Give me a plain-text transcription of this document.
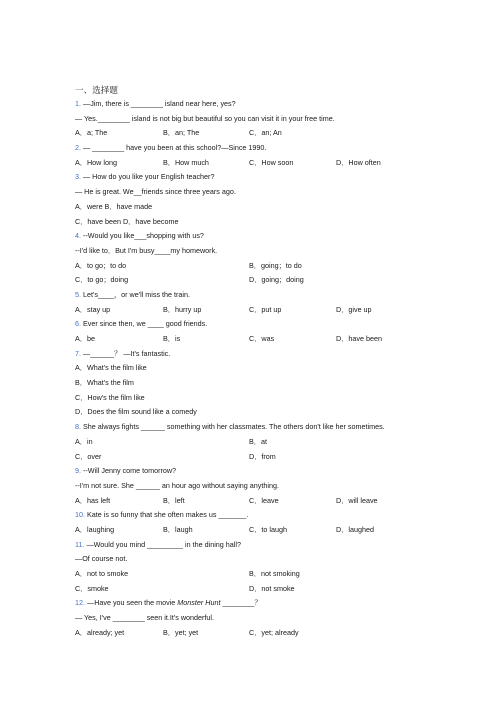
一、选择题
1. —Jim, there is ________ island near here, yes?
— Yes.________ island is not big but beautiful so you can visit it in your free time.
A．a; The	B．an; The	C．an; An
2. — ________ have you been at this school?—Since 1990.
A．How long	B．How much	C．How soon	D．How often
3. — How do you like your English teacher?
— He is great. We__friends since three years ago.
A．were B．have made
C．have been D．have become
4. --Would you like___shopping with us?
--I'd like to．But I'm busy____my homework.
A．to go；to do	B．going；to do
C．to go；doing	D．going；doing
5. Let's____，or we'll miss the train.
A．stay up	B．hurry up	C．put up	D．give up
6. Ever since then, we ____ good friends.
A．be	B．is	C．was	D．have been
7. —______？ —It's fantastic.
A．What's the film like
B．What's the film
C．How's the film like
D．Does the film sound like a comedy
8. She always fights ______ something with her classmates. The others don't like her sometimes.
A．in	B．at
C．over	D．from
9. --Will Jenny come tomorrow?
--I'm not sure. She ______ an hour ago without saying anything.
A．has left	B．left	C．leave	D．will leave
10. Kate is so funny that she often makes us _______.
A．laughing	B．laugh	C．to laugh	D．laughed
11. —Would you mind _________ in the dining hall?
—Of course not.
A．not to smoke	B．not smoking
C．smoke	D．not smoke
12. —Have you seen the movie Monster Hunt ________？
— Yes, I've ________ seen it.It's wonderful.
A．already; yet	B．yet; yet	C．yet; already
